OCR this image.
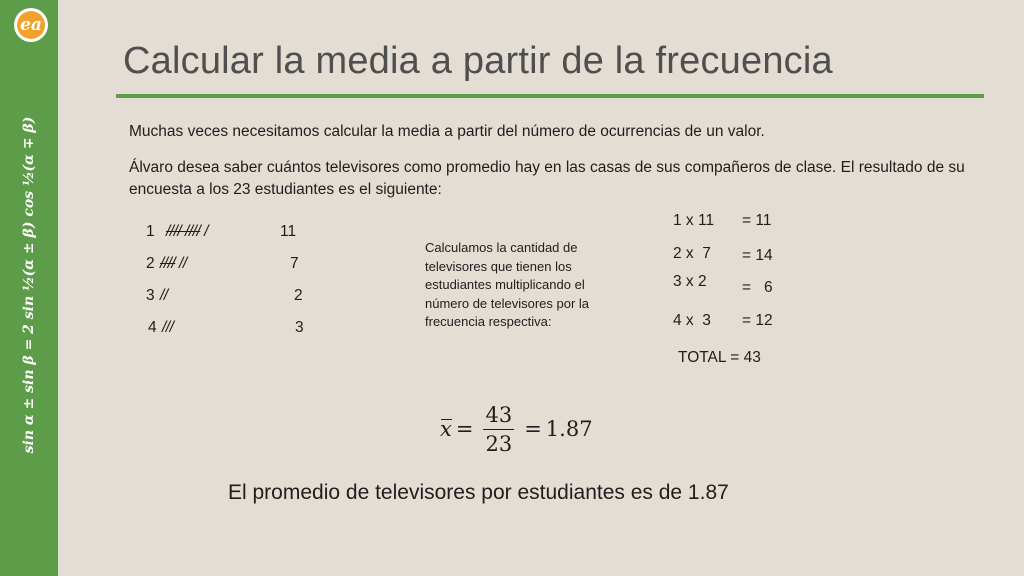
ea
sin α ± sin β = 2 sin ½(α ± β) cos ½(α ∓ β)
Calcular la media a partir de la frecuencia

Muchas veces necesitamos calcular la media a partir del número de ocurrencias de un valor.

Álvaro desea saber cuántos televisores como promedio hay en las casas de sus compañeros de clase. El resultado de su encuesta a los 23 estudiantes es el siguiente:

1 //// //// /	11
2 //// //	7
3 //	2
4 ///	3

Calculamos la cantidad de televisores que tienen los estudiantes multiplicando el número de televisores por la frecuencia respectiva:

1 x 11 = 11
2 x  7 = 14
3 x 2 =   6
4 x  3 = 12
TOTAL = 43
$x = \frac{43}{23} = 1.87$

El promedio de televisores por estudiantes es de 1.87
